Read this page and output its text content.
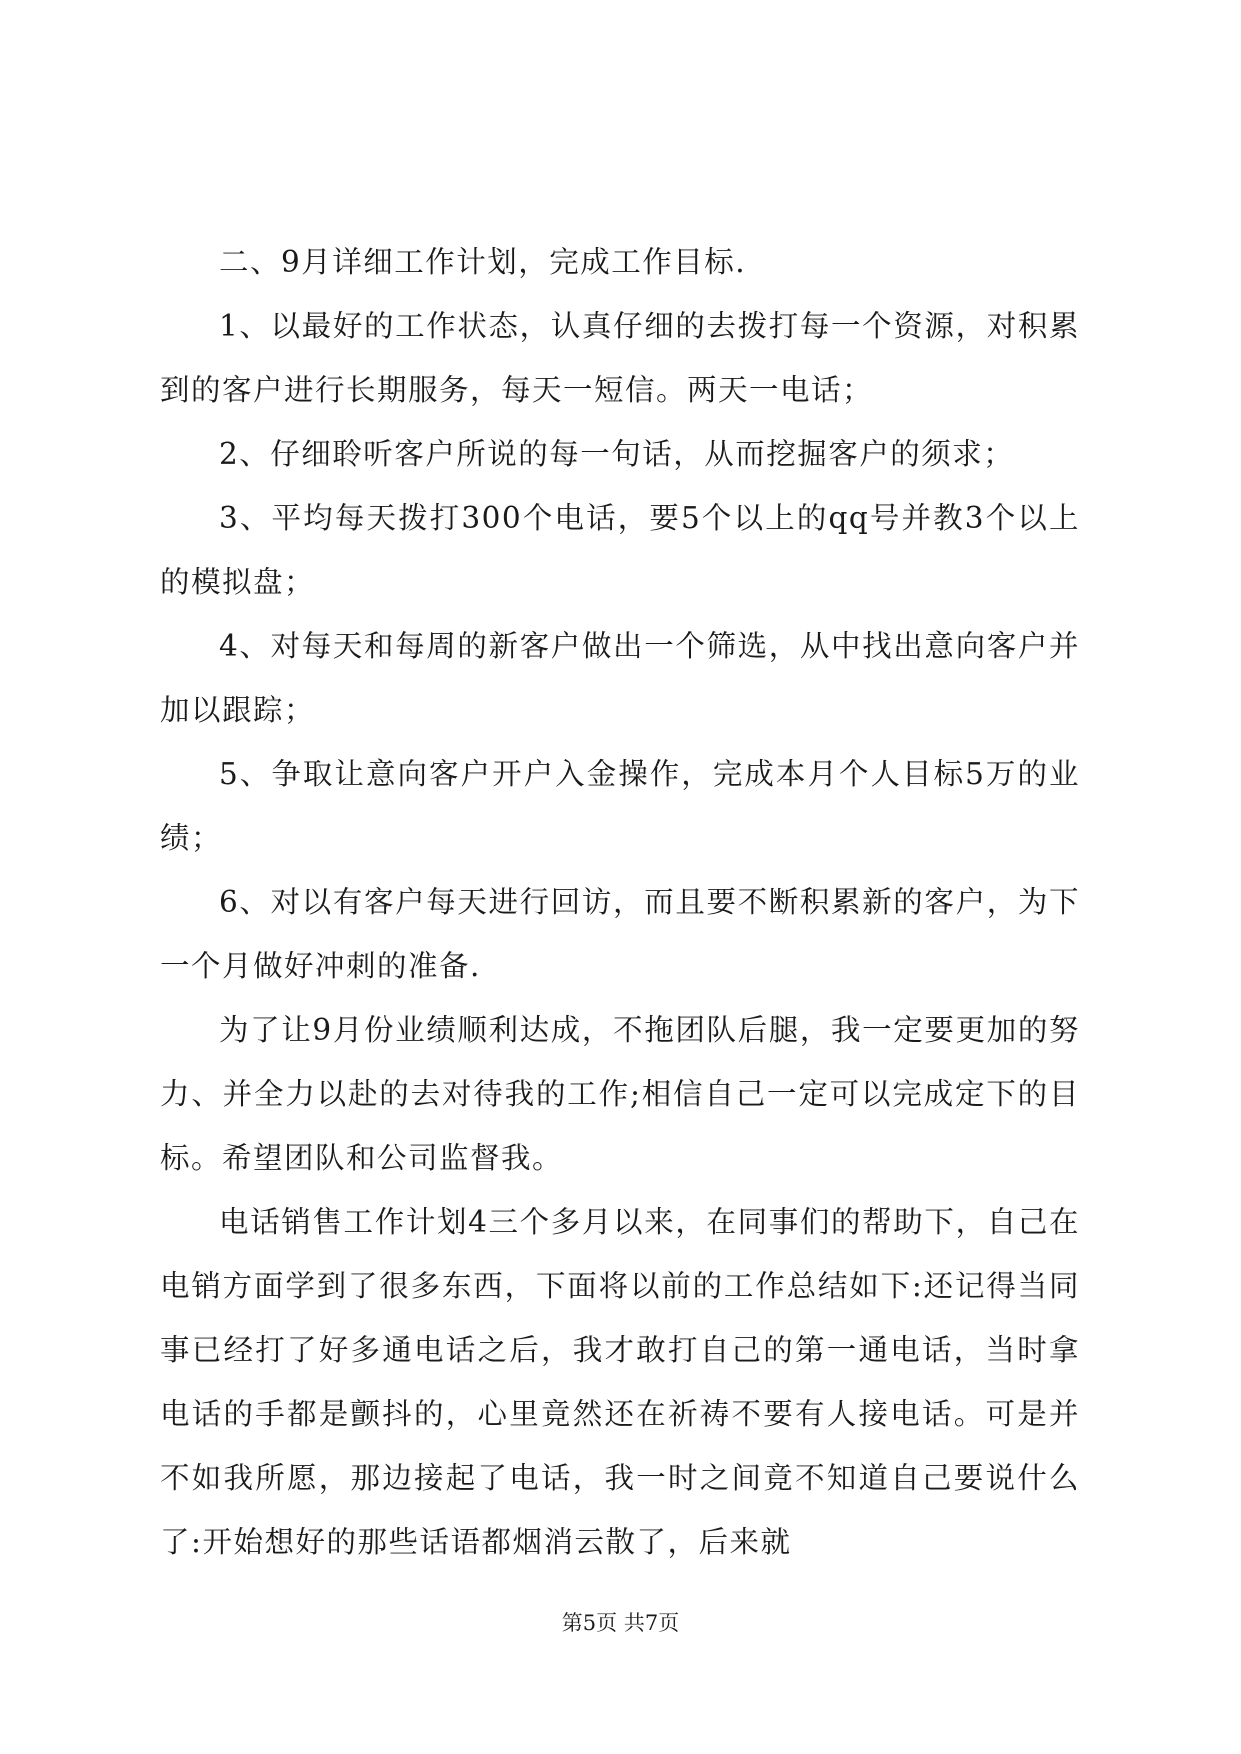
二、9月详细工作计划，完成工作目标.

1、以最好的工作状态，认真仔细的去拨打每一个资源，对积累到的客户进行长期服务，每天一短信。两天一电话；

2、仔细聆听客户所说的每一句话，从而挖掘客户的须求；

3、平均每天拨打300个电话，要5个以上的qq号并教3个以上的模拟盘；

4、对每天和每周的新客户做出一个筛选，从中找出意向客户并加以跟踪；

5、争取让意向客户开户入金操作，完成本月个人目标5万的业绩；

6、对以有客户每天进行回访，而且要不断积累新的客户，为下一个月做好冲刺的准备.

为了让9月份业绩顺利达成，不拖团队后腿，我一定要更加的努力、并全力以赴的去对待我的工作;相信自己一定可以完成定下的目标。希望团队和公司监督我。

电话销售工作计划4三个多月以来，在同事们的帮助下，自己在电销方面学到了很多东西，下面将以前的工作总结如下:还记得当同事已经打了好多通电话之后，我才敢打自己的第一通电话，当时拿电话的手都是颤抖的，心里竟然还在祈祷不要有人接电话。可是并不如我所愿，那边接起了电话，我一时之间竟不知道自己要说什么了:开始想好的那些话语都烟消云散了，后来就

第5页 共7页
